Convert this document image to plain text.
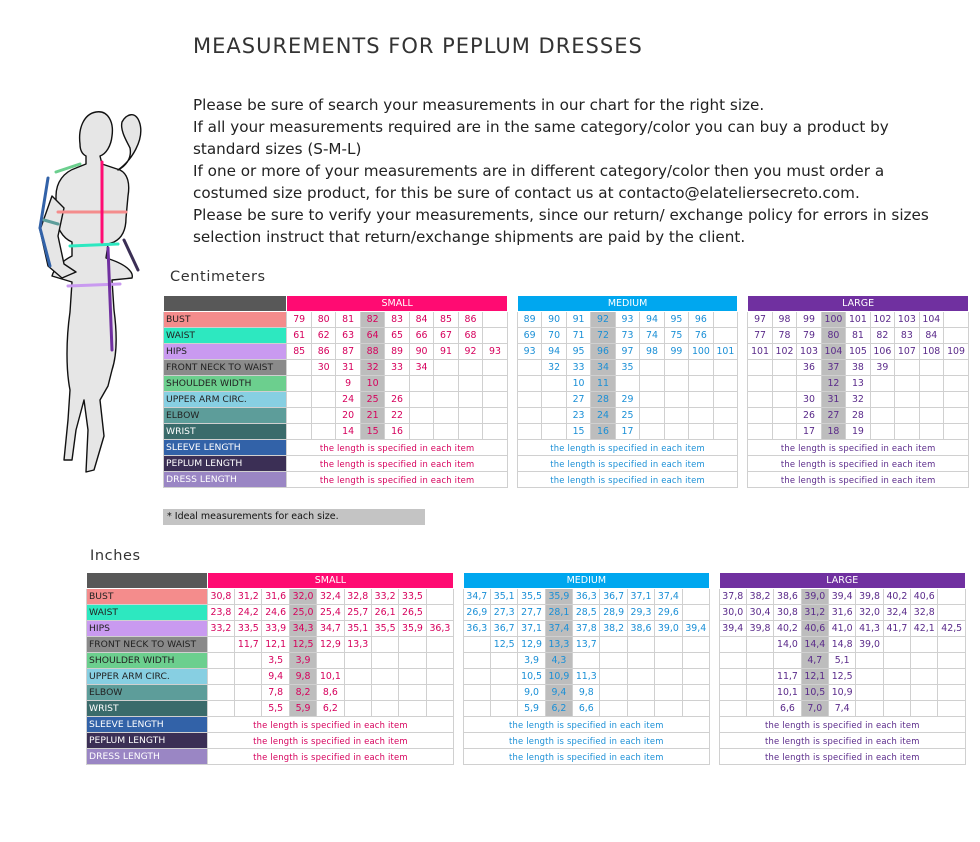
MEASUREMENTS FOR PEPLUM DRESSES

Please be sure of search your measurements in our chart for the right size.

If all your measurements required are in the same category/color you can buy a product by standard sizes (S-M-L)

If one or more of your measurements are in different category/color then you must order a costumed size product, for this be sure of contact us at contacto@elateliersecreto.com.

Please be sure to verify your measurements, since our return/ exchange policy for errors in sizes selection instruct that return/exchange shipments are paid by the client.

Centimeters
	SMALL										MEDIUM										LARGE								
BUST	79	80	81	82	83	84	85	86			89	90	91	92	93	94	95	96			97	98	99	100	101	102	103	104	
WAIST	61	62	63	64	65	66	67	68			69	70	71	72	73	74	75	76			77	78	79	80	81	82	83	84	
HIPS	85	86	87	88	89	90	91	92	93		93	94	95	96	97	98	99	100	101		101	102	103	104	105	106	107	108	109
FRONT NECK TO WAIST		30	31	32	33	34						32	33	34	35								36	37	38	39			
SHOULDER WIDTH			9	10									10	11										12	13				
UPPER ARM CIRC.			24	25	26								27	28	29								30	31	32				
ELBOW			20	21	22								23	24	25								26	27	28				
WRIST			14	15	16								15	16	17								17	18	19				
SLEEVE LENGTH	the length is specified in each item										the length is specified in each item										the length is specified in each item								
PEPLUM LENGTH	the length is specified in each item										the length is specified in each item										the length is specified in each item								
DRESS LENGTH	the length is specified in each item										the length is specified in each item										the length is specified in each item								
* Ideal measurements for each size.
Inches
	SMALL										MEDIUM										LARGE								
BUST	30,8	31,2	31,6	32,0	32,4	32,8	33,2	33,5			34,7	35,1	35,5	35,9	36,3	36,7	37,1	37,4			37,8	38,2	38,6	39,0	39,4	39,8	40,2	40,6	
WAIST	23,8	24,2	24,6	25,0	25,4	25,7	26,1	26,5			26,9	27,3	27,7	28,1	28,5	28,9	29,3	29,6			30,0	30,4	30,8	31,2	31,6	32,0	32,4	32,8	
HIPS	33,2	33,5	33,9	34,3	34,7	35,1	35,5	35,9	36,3		36,3	36,7	37,1	37,4	37,8	38,2	38,6	39,0	39,4		39,4	39,8	40,2	40,6	41,0	41,3	41,7	42,1	42,5
FRONT NECK TO WAIST		11,7	12,1	12,5	12,9	13,3						12,5	12,9	13,3	13,7								14,0	14,4	14,8	39,0			
SHOULDER WIDTH			3,5	3,9									3,9	4,3										4,7	5,1				
UPPER ARM CIRC.			9,4	9,8	10,1								10,5	10,9	11,3								11,7	12,1	12,5				
ELBOW			7,8	8,2	8,6								9,0	9,4	9,8								10,1	10,5	10,9				
WRIST			5,5	5,9	6,2								5,9	6,2	6,6								6,6	7,0	7,4				
SLEEVE LENGTH	the length is specified in each item										the length is specified in each item										the length is specified in each item								
PEPLUM LENGTH	the length is specified in each item										the length is specified in each item										the length is specified in each item								
DRESS LENGTH	the length is specified in each item										the length is specified in each item										the length is specified in each item								
